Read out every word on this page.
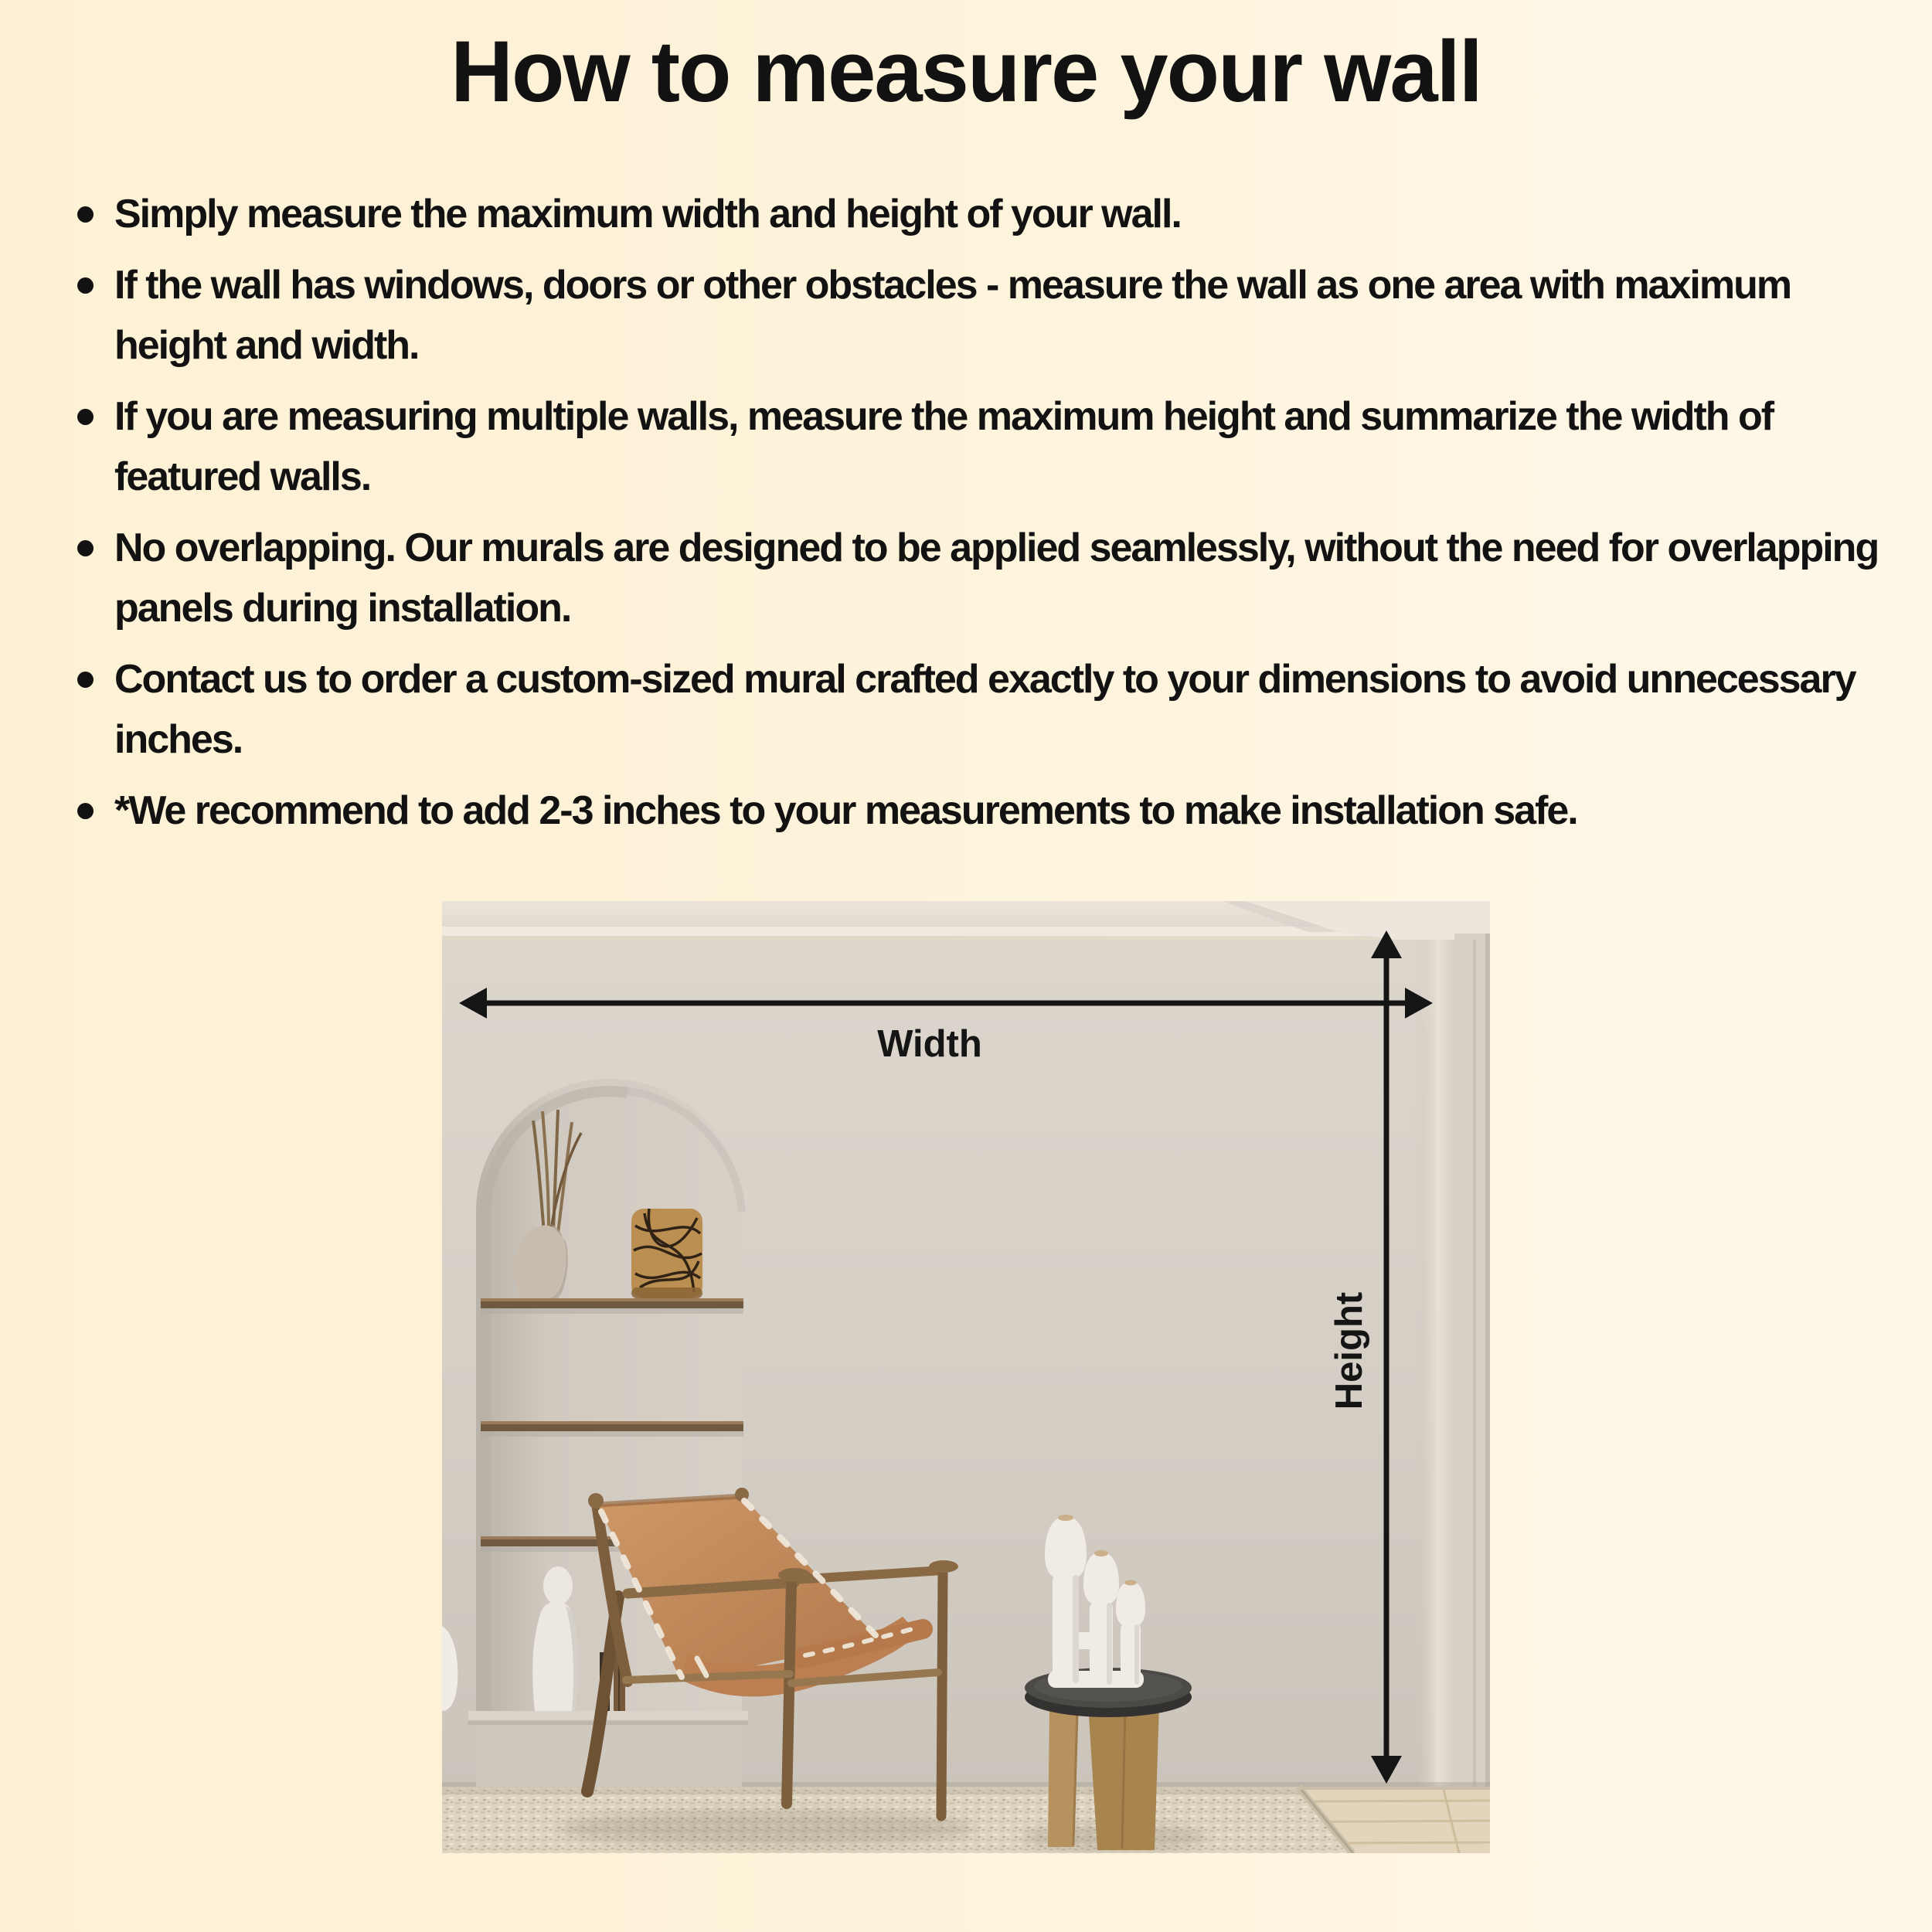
How to measure your wall
Simply measure the maximum width and height of your wall.
If the wall has windows, doors or other obstacles - measure the wall as one area with maximum height and width.
If you are measuring multiple walls, measure the maximum height and summarize the width of featured walls.
No overlapping. Our murals are designed to be applied seamlessly, without the need for overlapping panels during installation.
Contact us to order a custom-sized mural crafted exactly to your dimensions to avoid unnecessary inches.
*We recommend to add 2-3 inches to your measurements to make installation safe.
Width
Height
